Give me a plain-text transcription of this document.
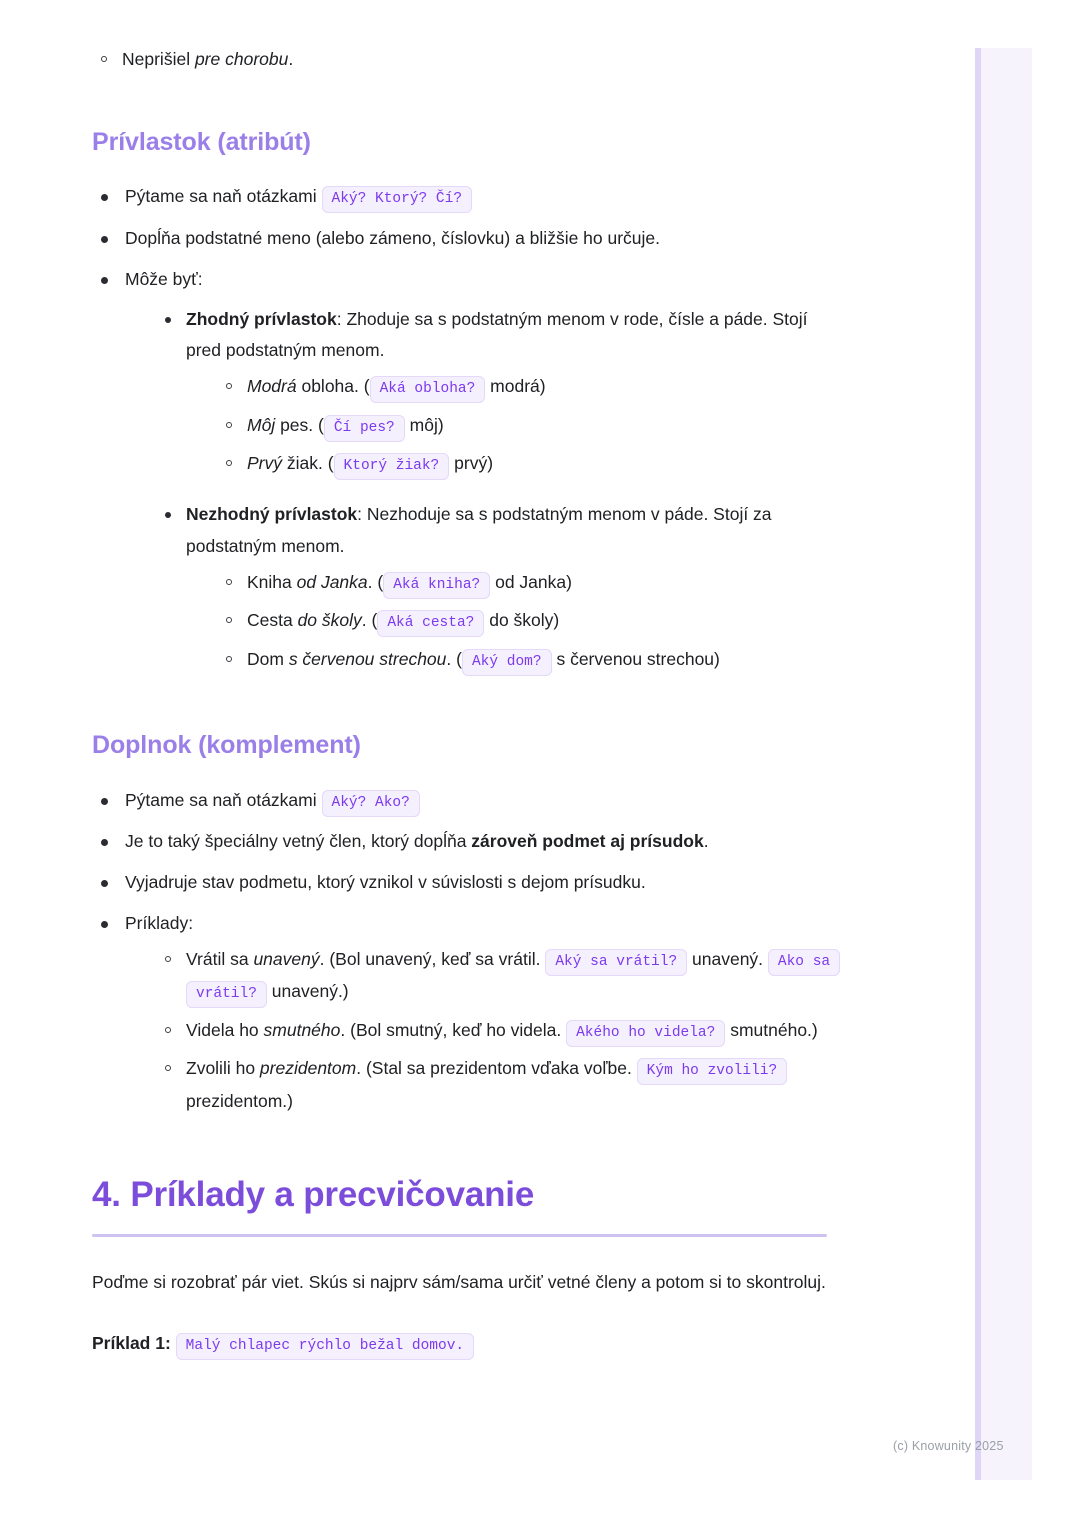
Neprišiel pre chorobu.
Prívlastok (atribút)
Pýtame sa naň otázkami Aký? Ktorý? Čí?
Dopĺňa podstatné meno (alebo zámeno, číslovku) a bližšie ho určuje.
Môže byť:
Zhodný prívlastok: Zhoduje sa s podstatným menom v rode, čísle a páde. Stojí pred podstatným menom.
Modrá obloha. ( Aká obloha? modrá)
Môj pes. ( Čí pes? môj)
Prvý žiak. ( Ktorý žiak? prvý)
Nezhodný prívlastok: Nezhoduje sa s podstatným menom v páde. Stojí za podstatným menom.
Kniha od Janka. ( Aká kniha? od Janka)
Cesta do školy. ( Aká cesta? do školy)
Dom s červenou strechou. ( Aký dom? s červenou strechou)
Doplnok (komplement)
Pýtame sa naň otázkami Aký? Ako?
Je to taký špeciálny vetný člen, ktorý dopĺňa zároveň podmet aj prísudok.
Vyjadruje stav podmetu, ktorý vznikol v súvislosti s dejom prísudku.
Príklady:
Vrátil sa unavený. (Bol unavený, keď sa vrátil. Aký sa vrátil? unavený. Ako sa vrátil? unavený.)
Videla ho smutného. (Bol smutný, keď ho videla. Akého ho videla? smutného.)
Zvolili ho prezidentom. (Stal sa prezidentom vďaka voľbe. Kým ho zvolili? prezidentom.)
4. Príklady a precvičovanie

Poďme si rozobrať pár viet. Skús si najprv sám/sama určiť vetné členy a potom si to skontroluj.

Príklad 1: Malý chlapec rýchlo bežal domov.

(c) Knowunity 2025
